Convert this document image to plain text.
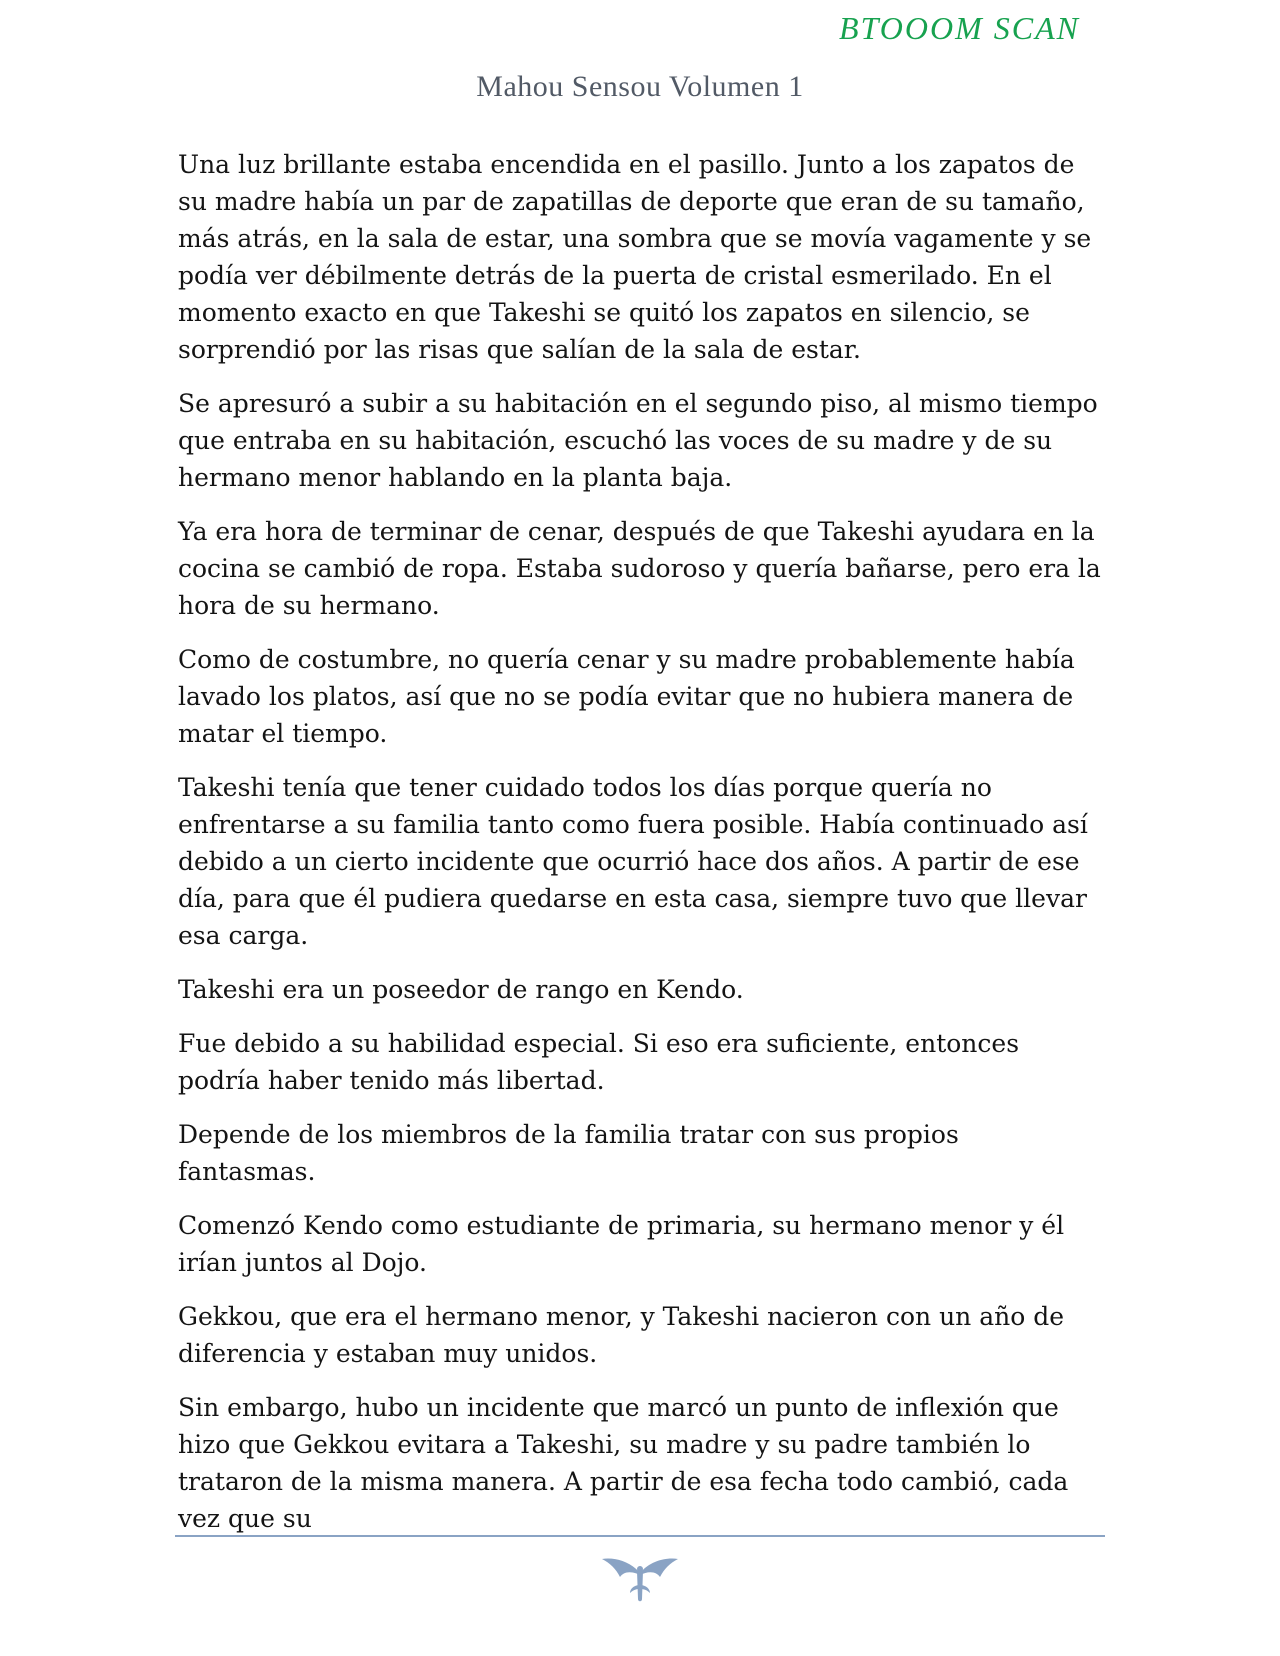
BTOOOM SCAN
Mahou Sensou Volumen 1

Una luz brillante estaba encendida en el pasillo. Junto a los zapatos de su madre había un par de zapatillas de deporte que eran de su tamaño, más atrás, en la sala de estar, una sombra que se movía vagamente y se podía ver débilmente detrás de la puerta de cristal esmerilado. En el momento exacto en que Takeshi se quitó los zapatos en silencio, se sorprendió por las risas que salían de la sala de estar.

Se apresuró a subir a su habitación en el segundo piso, al mismo tiempo que entraba en su habitación, escuchó las voces de su madre y de su hermano menor hablando en la planta baja.

Ya era hora de terminar de cenar, después de que Takeshi ayudara en la cocina se cambió de ropa. Estaba sudoroso y quería bañarse, pero era la hora de su hermano.

Como de costumbre, no quería cenar y su madre probablemente había lavado los platos, así que no se podía evitar que no hubiera manera de matar el tiempo.

Takeshi tenía que tener cuidado todos los días porque quería no enfrentarse a su familia tanto como fuera posible. Había continuado así debido a un cierto incidente que ocurrió hace dos años. A partir de ese día, para que él pudiera quedarse en esta casa, siempre tuvo que llevar esa carga.

Takeshi era un poseedor de rango en Kendo.

Fue debido a su habilidad especial. Si eso era suficiente, entonces podría haber tenido más libertad.

Depende de los miembros de la familia tratar con sus propios fantasmas.

Comenzó Kendo como estudiante de primaria, su hermano menor y él irían juntos al Dojo.

Gekkou, que era el hermano menor, y Takeshi nacieron con un año de diferencia y estaban muy unidos.

Sin embargo, hubo un incidente que marcó un punto de inflexión que hizo que Gekkou evitara a Takeshi, su madre y su padre también lo trataron de la misma manera. A partir de esa fecha todo cambió, cada vez que su
